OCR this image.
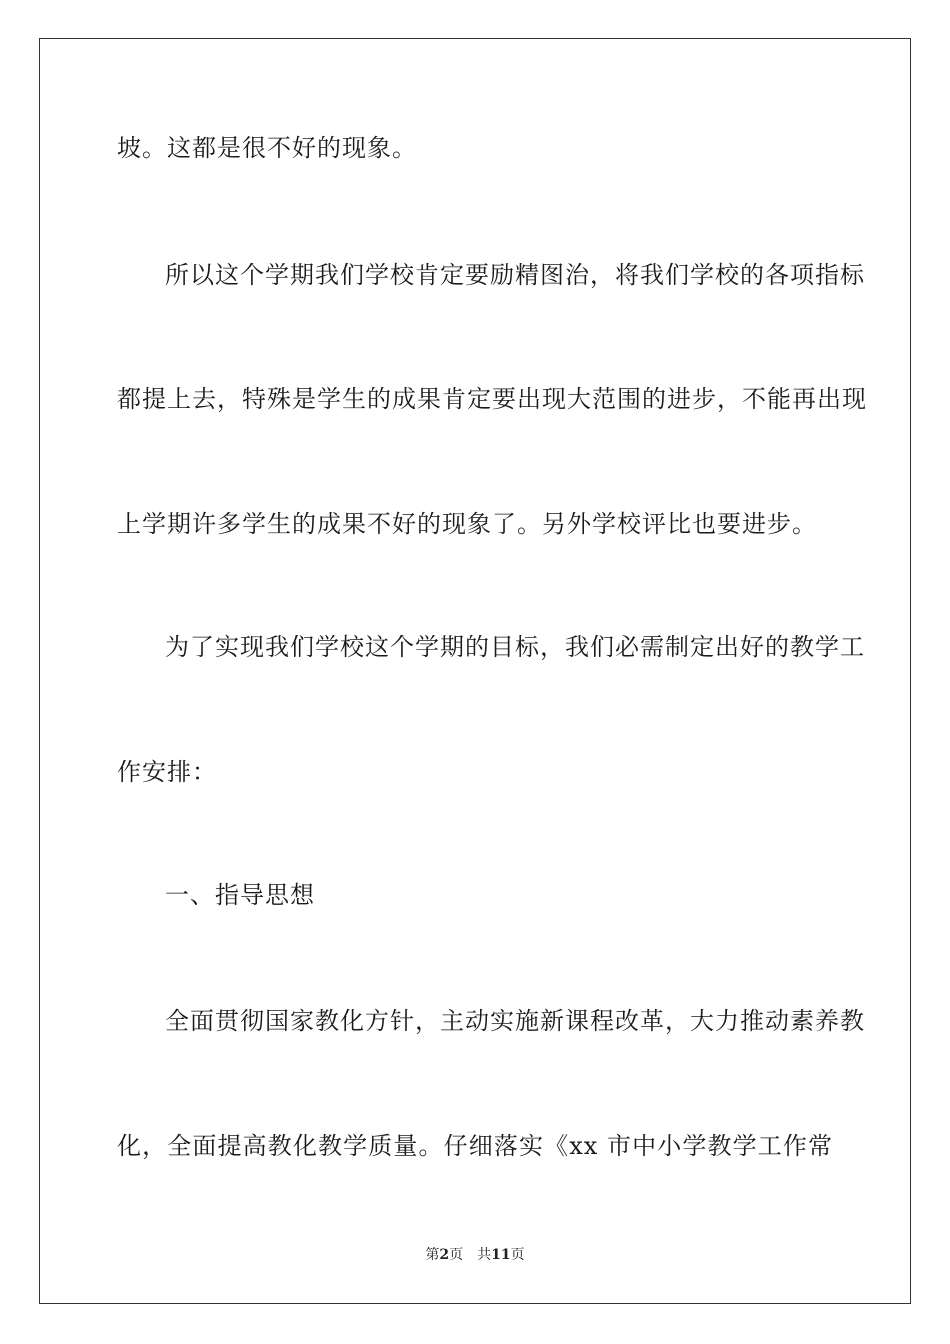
坡。这都是很不好的现象。
所以这个学期我们学校肯定要励精图治，将我们学校的各项指标
都提上去，特殊是学生的成果肯定要出现大范围的进步，不能再出现
上学期许多学生的成果不好的现象了。另外学校评比也要进步。
为了实现我们学校这个学期的目标，我们必需制定出好的教学工
作安排：
一、指导思想
全面贯彻国家教化方针，主动实施新课程改革，大力推动素养教
化，全面提高教化教学质量。仔细落实《xx 市中小学教学工作常
第2页 共11页
